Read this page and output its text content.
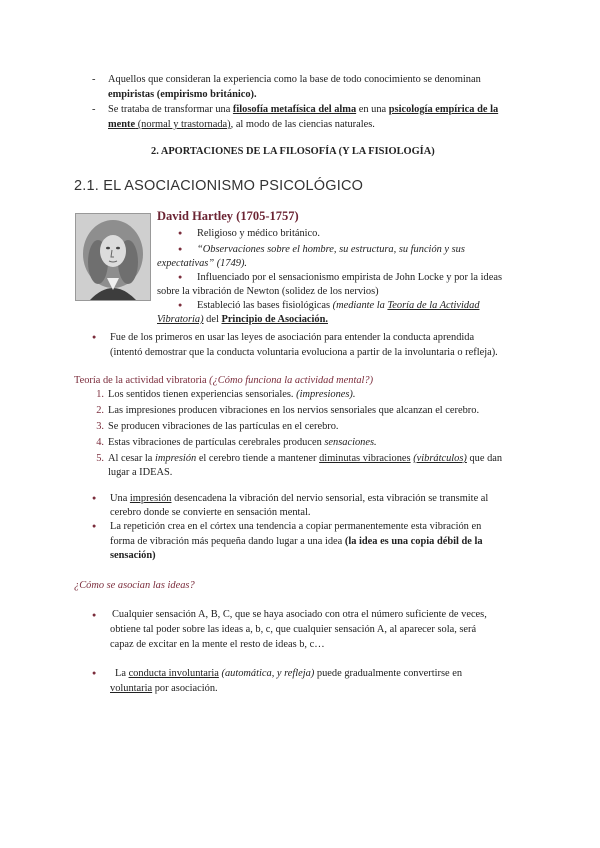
- Aquellos que consideran la experiencia como la base de todo conocimiento se denominan
empiristas (empirismo británico).
- Se trataba de transformar una filosofía metafísica del alma en una psicología empírica de la
mente (normal y trastornada), al modo de las ciencias naturales.
2. APORTACIONES DE LA FILOSOFÍA (Y LA FISIOLOGÍA)
2.1. EL ASOCIACIONISMO PSICOLÓGICO
David Hartley (1705-1757)
● Religioso y médico británico.
● “Observaciones sobre el hombre, su estructura, su función y sus
expectativas” (1749).
● Influenciado por el sensacionismo empirista de John Locke y por la ideas
sobre la vibración de Newton (solidez de los nervios)
● Estableció las bases fisiológicas (mediante la Teoría de la Actividad
Vibratoria) del Principio de Asociación.
● Fue de los primeros en usar las leyes de asociación para entender la conducta aprendida
(intentó demostrar que la conducta voluntaria evoluciona a partir de la involuntaria o refleja).
Teoría de la actividad vibratoria (¿Cómo funciona la actividad mental?)
1. Los sentidos tienen experiencias sensoriales. (impresiones).
2. Las impresiones producen vibraciones en los nervios sensoriales que alcanzan el cerebro.
3. Se producen vibraciones de las partículas en el cerebro.
4. Estas vibraciones de partículas cerebrales producen sensaciones.
5. Al cesar la impresión el cerebro tiende a mantener diminutas vibraciones (vibrátculos) que dan
lugar a IDEAS.
● Una impresión desencadena la vibración del nervio sensorial, esta vibración se transmite al
cerebro donde se convierte en sensación mental.
● La repetición crea en el córtex una tendencia a copiar permanentemente esta vibración en
forma de vibración más pequeña dando lugar a una idea (la idea es una copia débil de la
sensación)
¿Cómo se asocian las ideas?
● Cualquier sensación A, B, C, que se haya asociado con otra el número suficiente de veces,
obtiene tal poder sobre las ideas a, b, c, que cualquier sensación A, al aparecer sola, será
capaz de excitar en la mente el resto de ideas b, c…
● La conducta involuntaria (automática, y refleja) puede gradualmente convertirse en
voluntaria por asociación.
